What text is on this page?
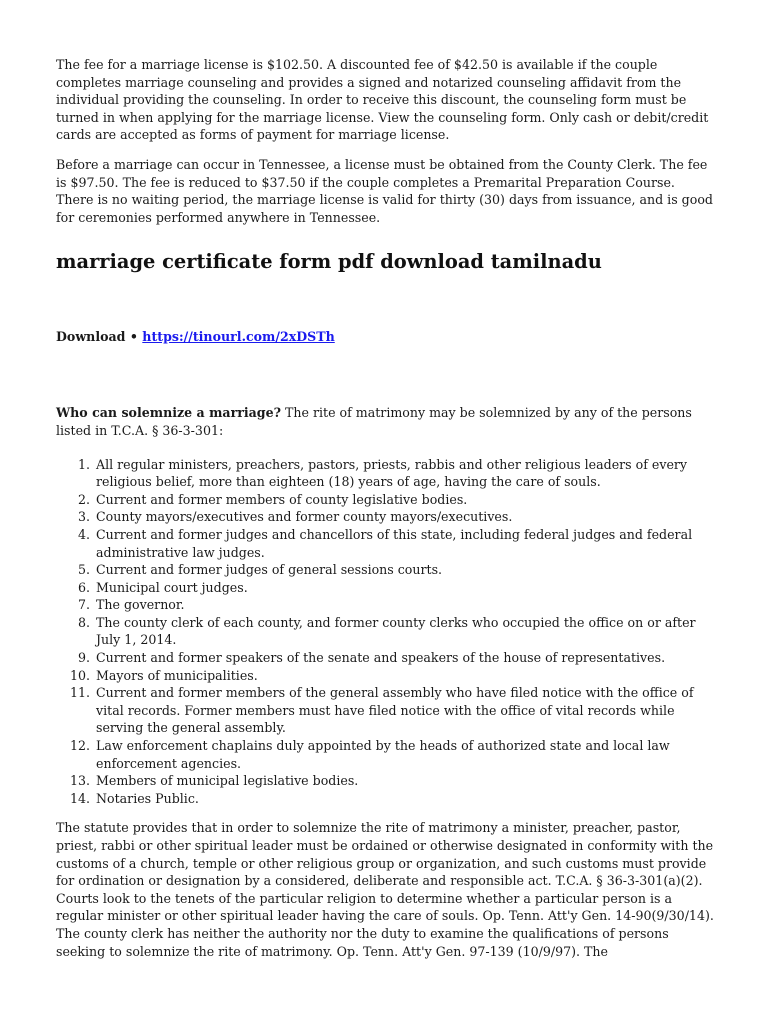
The fee for a marriage license is $102.50. A discounted fee of $42.50 is available if the couple completes marriage counseling and provides a signed and notarized counseling affidavit from the individual providing the counseling. In order to receive this discount, the counseling form must be turned in when applying for the marriage license. View the counseling form. Only cash or debit/credit cards are accepted as forms of payment for marriage license.

Before a marriage can occur in Tennessee, a license must be obtained from the County Clerk. The fee is $97.50. The fee is reduced to $37.50 if the couple completes a Premarital Preparation Course. There is no waiting period, the marriage license is valid for thirty (30) days from issuance, and is good for ceremonies performed anywhere in Tennessee.

marriage certificate form pdf download tamilnadu
Download • https://tinourl.com/2xDSTh

Who can solemnize a marriage? The rite of matrimony may be solemnized by any of the persons listed in T.C.A. § 36-3-301:

1. All regular ministers, preachers, pastors, priests, rabbis and other religious leaders of every religious belief, more than eighteen (18) years of age, having the care of souls.
2. Current and former members of county legislative bodies.
3. County mayors/executives and former county mayors/executives.
4. Current and former judges and chancellors of this state, including federal judges and federal administrative law judges.
5. Current and former judges of general sessions courts.
6. Municipal court judges.
7. The governor.
8. The county clerk of each county, and former county clerks who occupied the office on or after July 1, 2014.
9. Current and former speakers of the senate and speakers of the house of representatives.
10. Mayors of municipalities.
11. Current and former members of the general assembly who have filed notice with the office of vital records. Former members must have filed notice with the office of vital records while serving the general assembly.
12. Law enforcement chaplains duly appointed by the heads of authorized state and local law enforcement agencies.
13. Members of municipal legislative bodies.
14. Notaries Public.

The statute provides that in order to solemnize the rite of matrimony a minister, preacher, pastor, priest, rabbi or other spiritual leader must be ordained or otherwise designated in conformity with the customs of a church, temple or other religious group or organization, and such customs must provide for ordination or designation by a considered, deliberate and responsible act. T.C.A. § 36-3-301(a)(2). Courts look to the tenets of the particular religion to determine whether a particular person is a regular minister or other spiritual leader having the care of souls. Op. Tenn. Att'y Gen. 14-90(9/30/14). The county clerk has neither the authority nor the duty to examine the qualifications of persons seeking to solemnize the rite of matrimony. Op. Tenn. Att'y Gen. 97-139 (10/9/97). The
